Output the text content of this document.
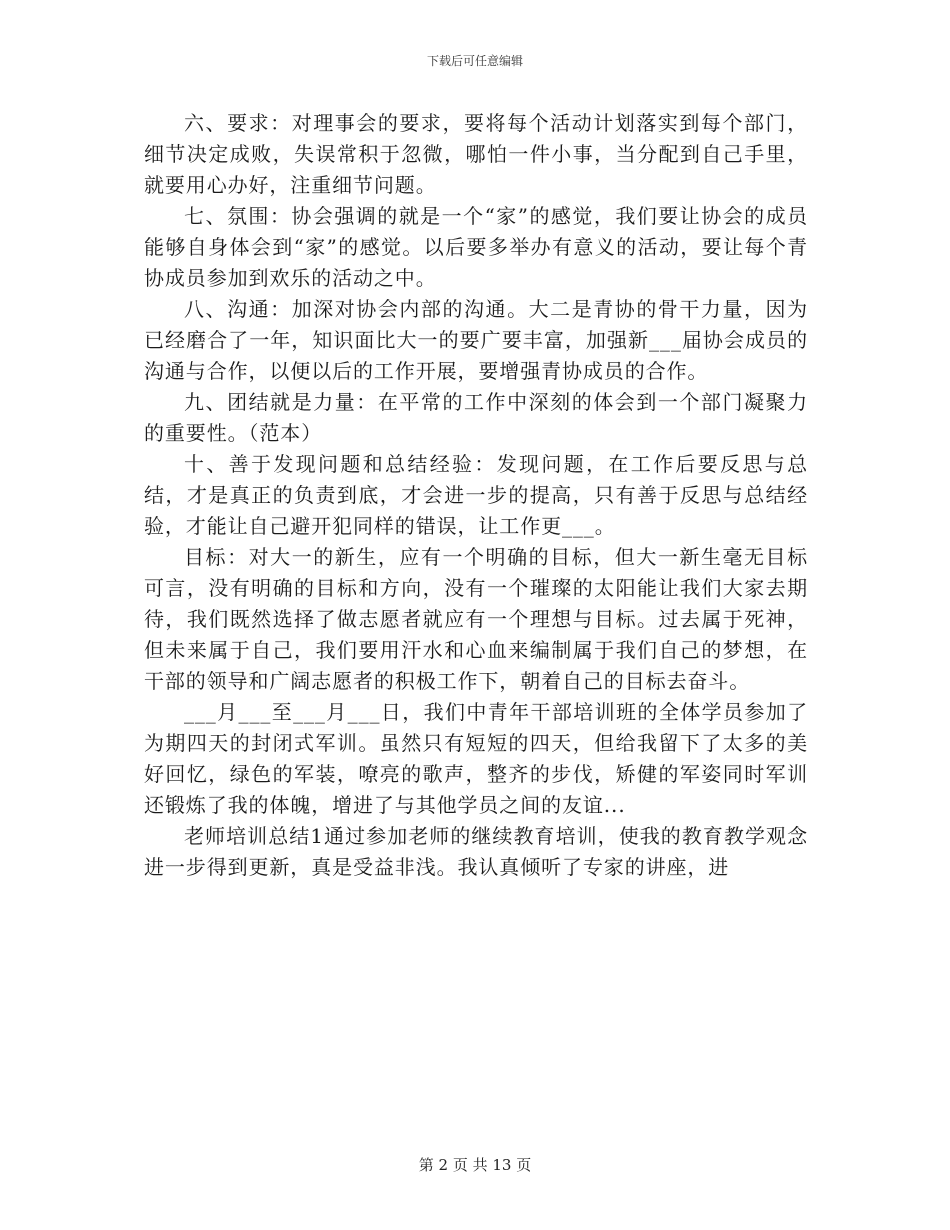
下载后可任意编辑

六、要求：对理事会的要求，要将每个活动计划落实到每个部门，细节决定成败，失误常积于忽微，哪怕一件小事，当分配到自己手里，就要用心办好，注重细节问题。

七、氛围：协会强调的就是一个“家”的感觉，我们要让协会的成员能够自身体会到“家”的感觉。以后要多举办有意义的活动，要让每个青协成员参加到欢乐的活动之中。

八、沟通：加深对协会内部的沟通。大二是青协的骨干力量，因为已经磨合了一年，知识面比大一的要广要丰富，加强新___届协会成员的沟通与合作，以便以后的工作开展，要增强青协成员的合作。

九、团结就是力量：在平常的工作中深刻的体会到一个部门凝聚力的重要性。（范本）

十、善于发现问题和总结经验：发现问题，在工作后要反思与总结，才是真正的负责到底，才会进一步的提高，只有善于反思与总结经验，才能让自己避开犯同样的错误，让工作更___。

目标：对大一的新生，应有一个明确的目标，但大一新生毫无目标可言，没有明确的目标和方向，没有一个璀璨的太阳能让我们大家去期待，我们既然选择了做志愿者就应有一个理想与目标。过去属于死神，但未来属于自己，我们要用汗水和心血来编制属于我们自己的梦想，在干部的领导和广阔志愿者的积极工作下，朝着自己的目标去奋斗。

___月___至___月___日，我们中青年干部培训班的全体学员参加了为期四天的封闭式军训。虽然只有短短的四天，但给我留下了太多的美好回忆，绿色的军装，嘹亮的歌声，整齐的步伐，矫健的军姿同时军训还锻炼了我的体魄，增进了与其他学员之间的友谊...

老师培训总结1通过参加老师的继续教育培训，使我的教育教学观念进一步得到更新，真是受益非浅。我认真倾听了专家的讲座，进

第 2 页 共 13 页
